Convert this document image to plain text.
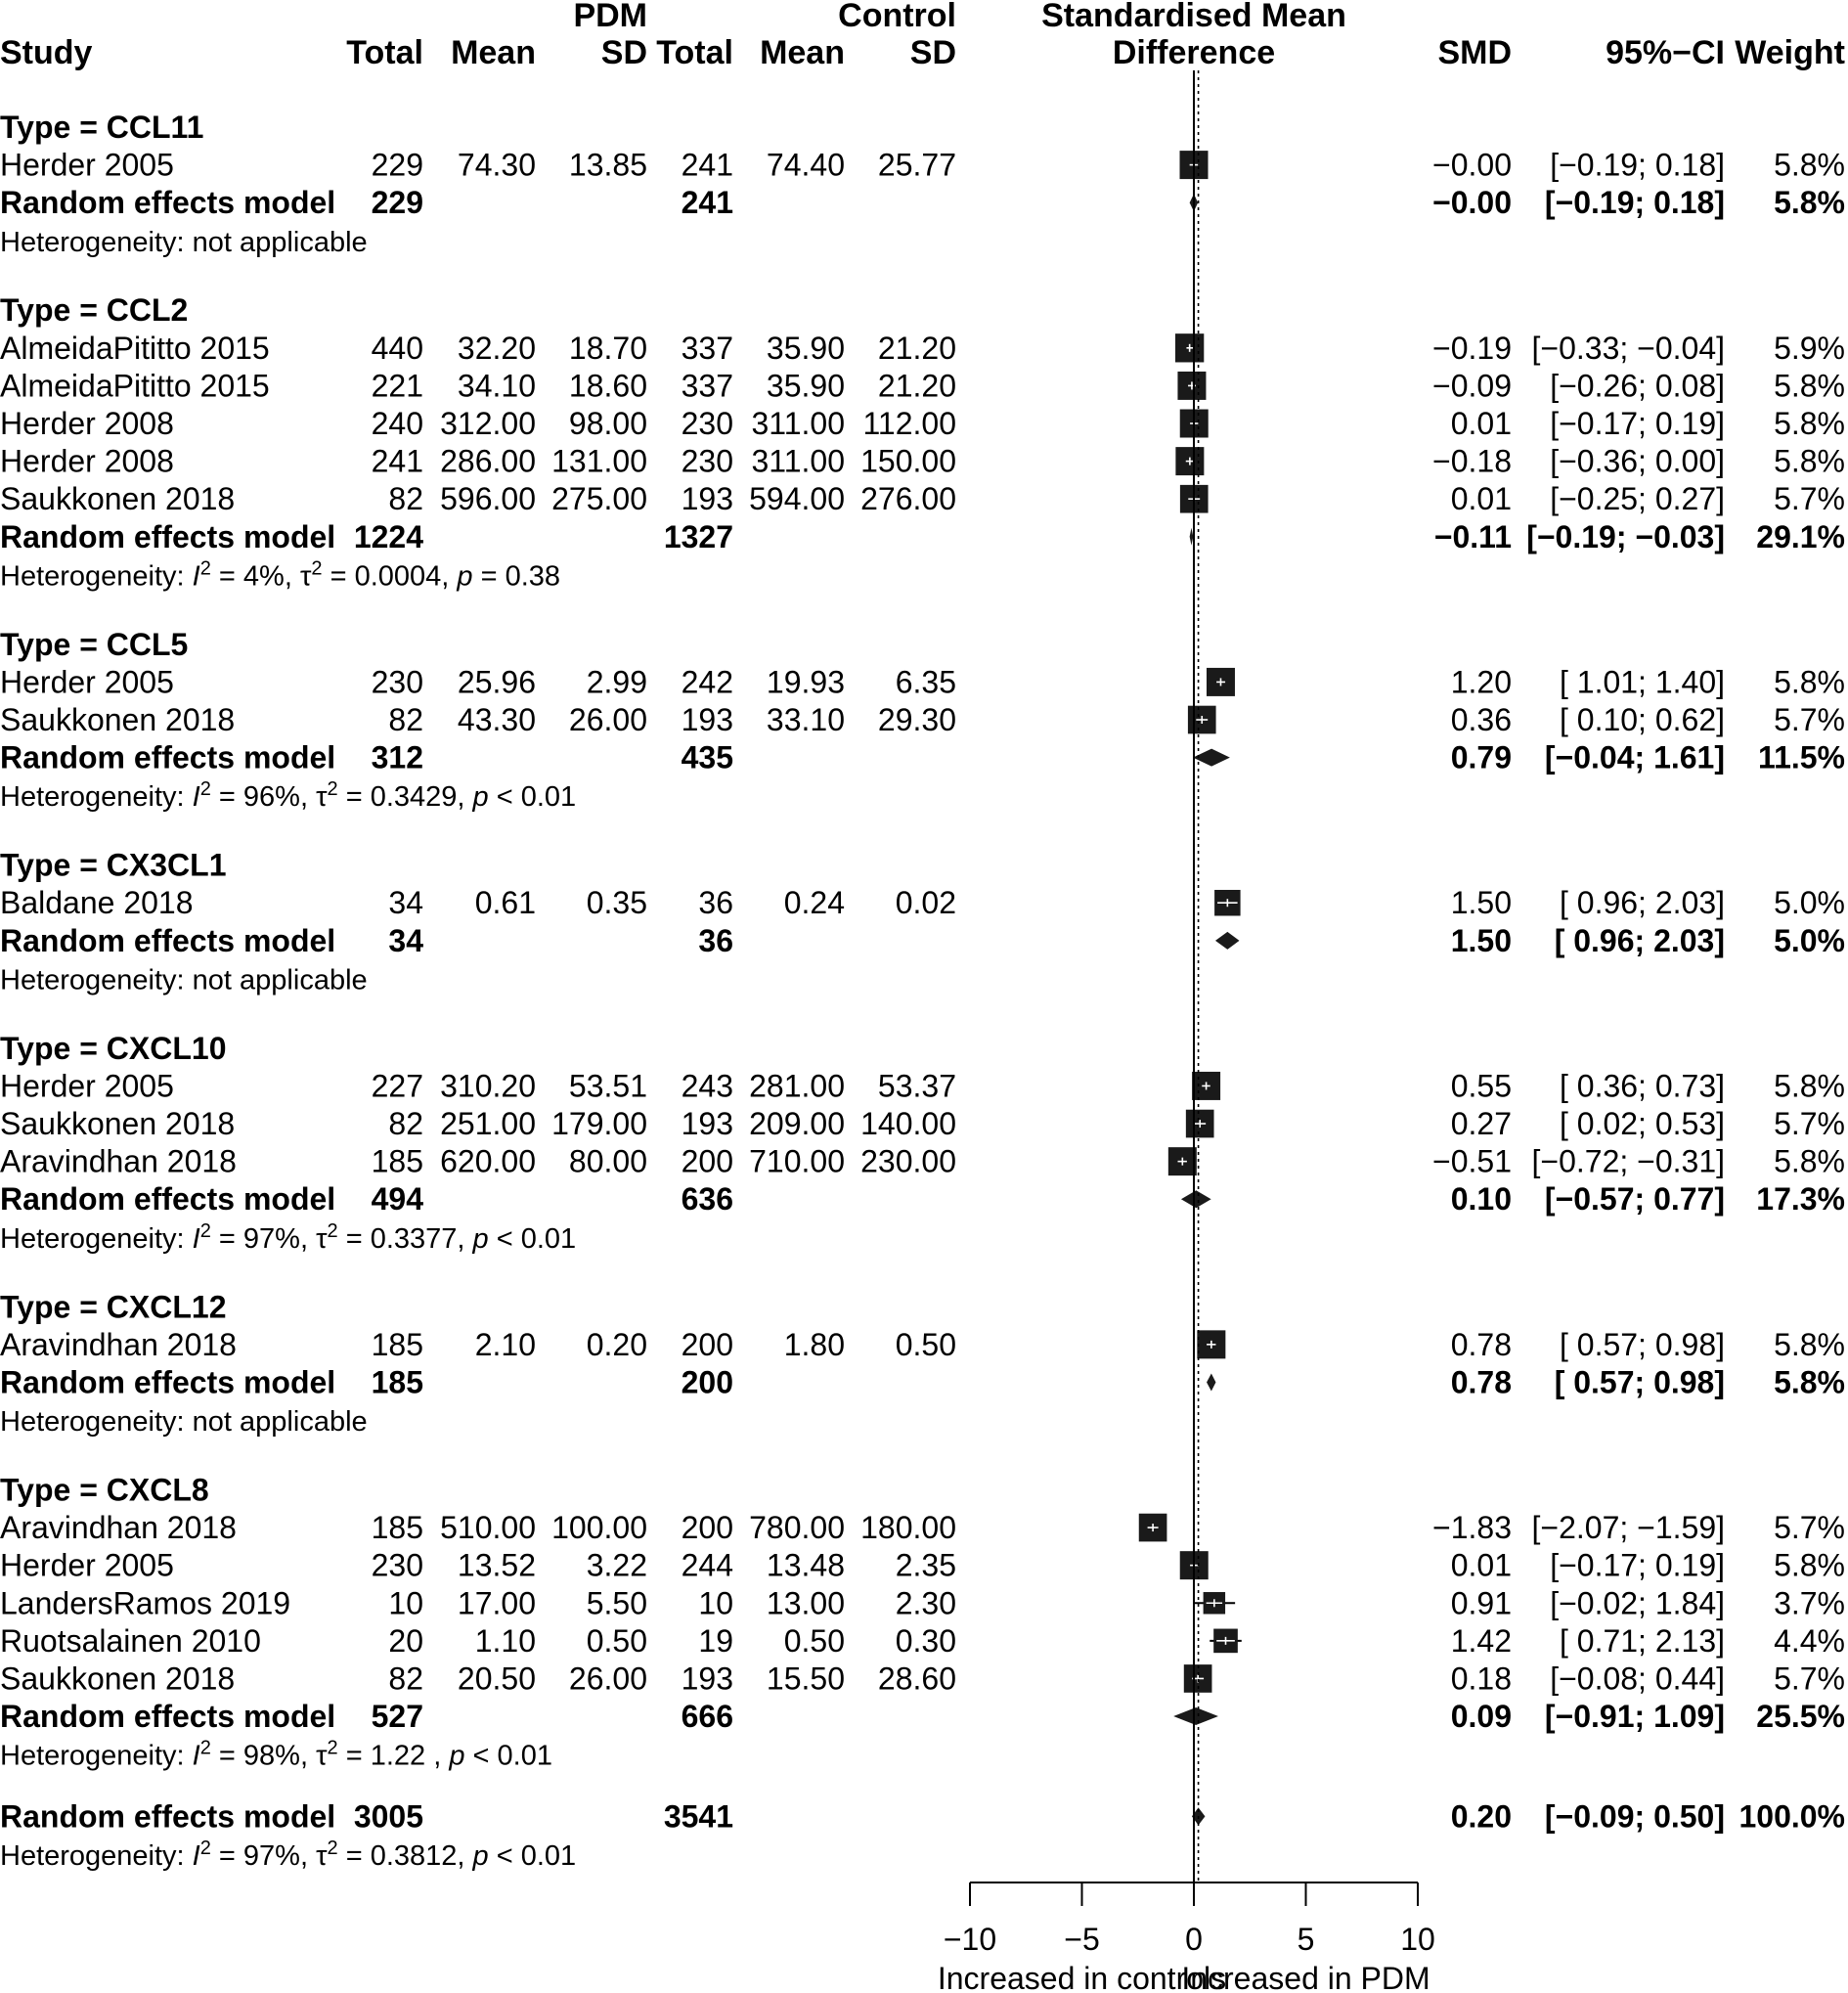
PDM	Control	Standardised Mean
Study	Total Mean SD Total Mean SD	Difference	SMD	95%−CI Weight
Type = CCL11
Herder 2005	229 74.30 13.85 241 74.40 25.77	−0.00 [−0.19; 0.18] 5.8%
Random effects model 229	241	−0.00 [−0.19; 0.18] 5.8%
Heterogeneity: not applicable
Type = CCL2
AlmeidaPititto 2015	440 32.20 18.70 337 35.90 21.20	−0.19 [−0.33; −0.04] 5.9%
AlmeidaPititto 2015	221 34.10 18.60 337 35.90 21.20	−0.09 [−0.26; 0.08] 5.8%
Herder 2008	240 312.00 98.00 230 311.00 112.00	0.01 [−0.17; 0.19] 5.8%
Herder 2008	241 286.00 131.00 230 311.00 150.00	−0.18 [−0.36; 0.00] 5.8%
Saukkonen 2018	82 596.00 275.00 193 594.00 276.00	0.01 [−0.25; 0.27] 5.7%
Random effects model 1224	1327	−0.11 [−0.19; −0.03] 29.1%
Heterogeneity: $I^2 = 4\%$, $\tau^2 = 0.0004$, p = 0.38
Type = CCL5
Herder 2005	230 25.96 2.99 242 19.93 6.35	1.20 [ 1.01; 1.40] 5.8%
Saukkonen 2018	82 43.30 26.00 193 33.10 29.30	0.36 [ 0.10; 0.62] 5.7%
Random effects model 312	435	0.79 [−0.04; 1.61] 11.5%
Heterogeneity: $I^2 = 96\%$, $\tau^2 = 0.3429$, p < 0.01
Type = CX3CL1
Baldane 2018	34 0.61 0.35 36 0.24 0.02	1.50 [ 0.96; 2.03] 5.0%
Random effects model 34	36	1.50 [ 0.96; 2.03] 5.0%
Heterogeneity: not applicable
Type = CXCL10
Herder 2005	227 310.20 53.51 243 281.00 53.37	0.55 [ 0.36; 0.73] 5.8%
Saukkonen 2018	82 251.00 179.00 193 209.00 140.00	0.27 [ 0.02; 0.53] 5.7%
Aravindhan 2018	185 620.00 80.00 200 710.00 230.00	−0.51 [−0.72; −0.31] 5.8%
Random effects model 494	636	0.10 [−0.57; 0.77] 17.3%
Heterogeneity: $I^2 = 97\%$, $\tau^2 = 0.3377$, p < 0.01
Type = CXCL12
Aravindhan 2018	185 2.10 0.20 200 1.80 0.50	0.78 [ 0.57; 0.98] 5.8%
Random effects model 185	200	0.78 [ 0.57; 0.98] 5.8%
Heterogeneity: not applicable
Type = CXCL8
Aravindhan 2018	185 510.00 100.00 200 780.00 180.00	−1.83 [−2.07; −1.59] 5.7%
Herder 2005	230 13.52 3.22 244 13.48 2.35	0.01 [−0.17; 0.19] 5.8%
LandersRamos 2019	10 17.00 5.50 10 13.00 2.30	0.91 [−0.02; 1.84] 3.7%
Ruotsalainen 2010	20 1.10 0.50 19 0.50 0.30	1.42 [ 0.71; 2.13] 4.4%
Saukkonen 2018	82 20.50 26.00 193 15.50 28.60	0.18 [−0.08; 0.44] 5.7%
Random effects model 527	666	0.09 [−0.91; 1.09] 25.5%
Heterogeneity: $I^2 = 98\%$, $\tau^2 = 1.22$ , p < 0.01
Random effects model 3005	3541	0.20 [−0.09; 0.50] 100.0%
Heterogeneity: $I^2 = 97\%$, $\tau^2 = 0.3812$, p < 0.01
−10 −5	0	5	10
Increased in controls
Increased in PDM
